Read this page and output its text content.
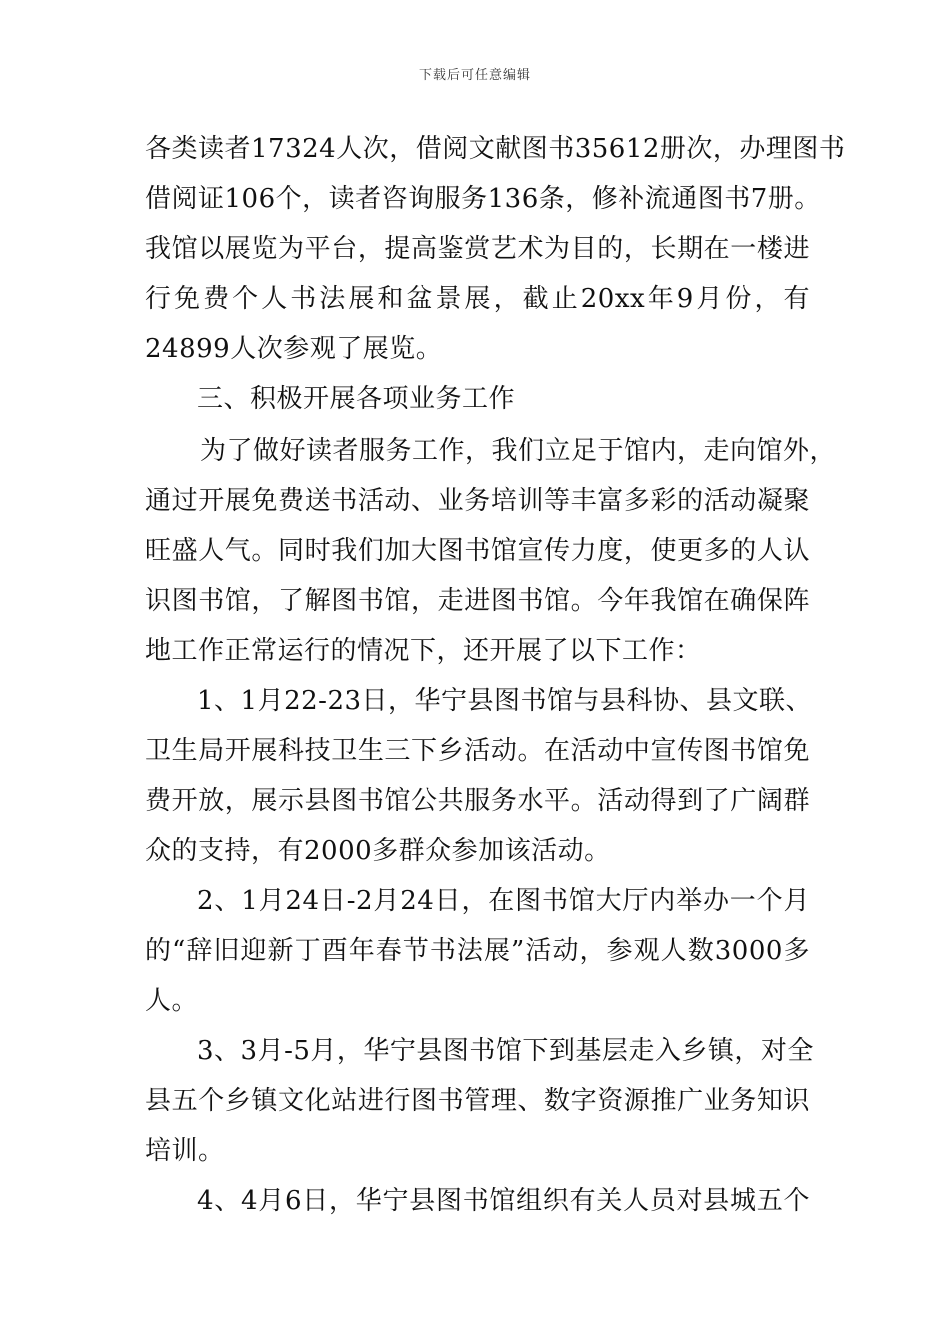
下载后可任意编辑
各类读者17324人次，借阅文献图书35612册次，办理图书
借阅证106个，读者咨询服务136条，修补流通图书7册。
我馆以展览为平台，提高鉴赏艺术为目的，长期在一楼进
行免费个人书法展和盆景展，截止20xx年9月份，有
24899人次参观了展览。
三、积极开展各项业务工作
为了做好读者服务工作，我们立足于馆内，走向馆外，
通过开展免费送书活动、业务培训等丰富多彩的活动凝聚
旺盛人气。同时我们加大图书馆宣传力度，使更多的人认
识图书馆，了解图书馆，走进图书馆。今年我馆在确保阵
地工作正常运行的情况下，还开展了以下工作：
1、1月22-23日，华宁县图书馆与县科协、县文联、
卫生局开展科技卫生三下乡活动。在活动中宣传图书馆免
费开放，展示县图书馆公共服务水平。活动得到了广阔群
众的支持，有2000多群众参加该活动。
2、1月24日-2月24日，在图书馆大厅内举办一个月
的“辞旧迎新丁酉年春节书法展”活动，参观人数3000多
人。
3、3月-5月，华宁县图书馆下到基层走入乡镇，对全
县五个乡镇文化站进行图书管理、数字资源推广业务知识
培训。
4、4月6日，华宁县图书馆组织有关人员对县城五个
